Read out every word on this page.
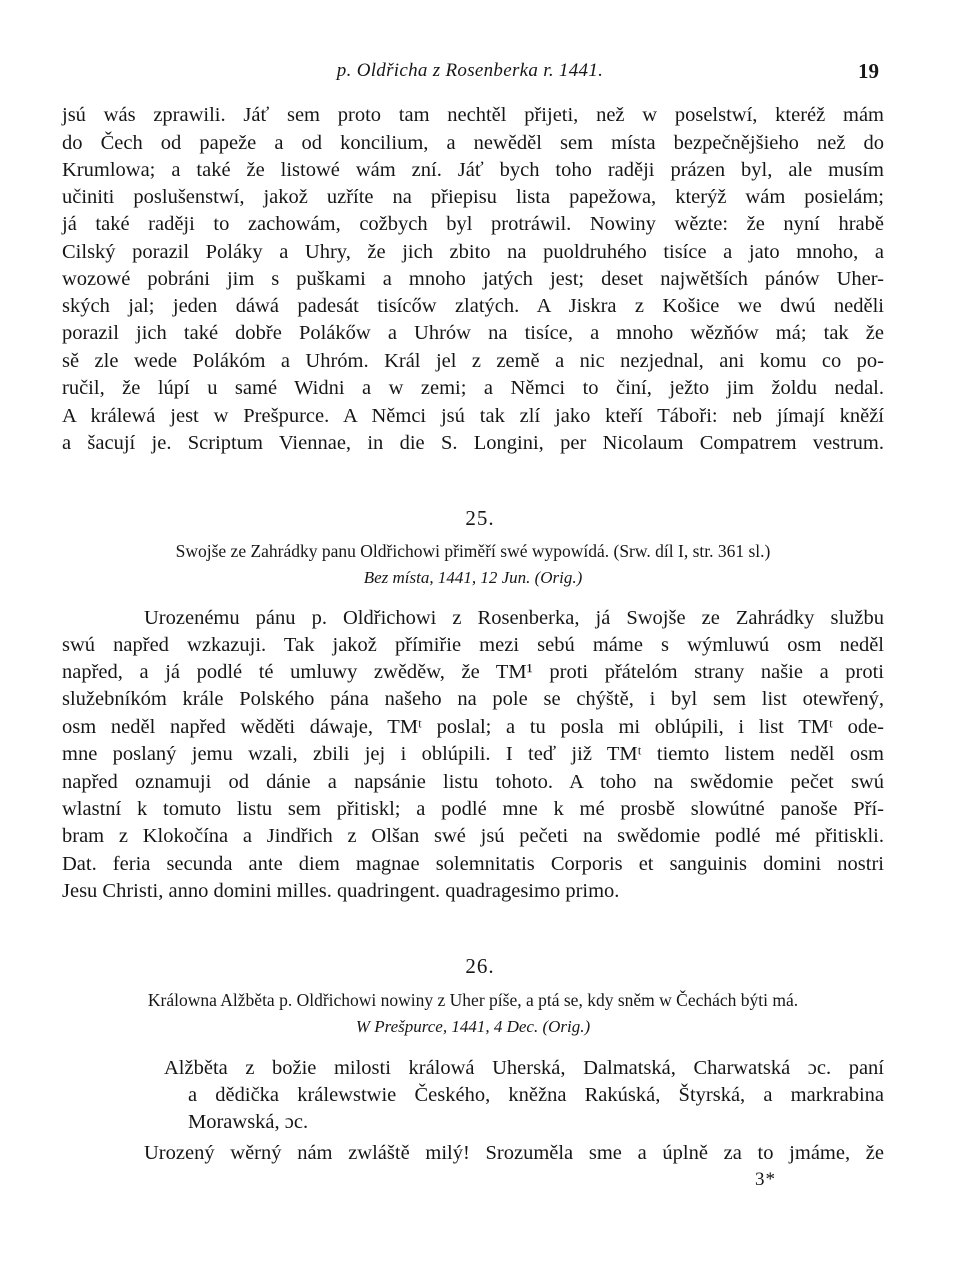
p. Oldřicha z Rosenberka r. 1441.	19
jsú wás zprawili. Jáť sem proto tam nechtěl přijeti, než w poselstwí, kteréž mám
do Čech od papeže a od koncilium, a newěděl sem místa bezpečnějšieho než do
Krumlowa; a také že listowé wám zní. Jáť bych toho raději prázen byl, ale musím
učiniti poslušenstwí, jakož uzříte na přiepisu lista papežowa, kterýž wám posielám;
já také raději to zachowám, cožbych byl protráwil. Nowiny wězte: že nyní hrabě
Cilský porazil Poláky a Uhry, že jich zbito na puoldruhého tisíce a jato mnoho, a
wozowé pobráni jim s puškami a mnoho jatých jest; deset najwětších pánów Uher-
ských jal; jeden dáwá padesát tisícőw zlatých. A Jiskra z Košice we dwú neděli
porazil jich také dobře Polákőw a Uhrów na tisíce, a mnoho wězňów má; tak že
sě zle wede Polákóm a Uhróm. Král jel z země a nic nezjednal, ani komu co po-
ručil, že lúpí u samé Widni a w zemi; a Němci to činí, ježto jim žoldu nedal.
A králewá jest w Prešpurce. A Němci jsú tak zlí jako kteří Táboři: neb jímají kněží
a šacují je. Scriptum Viennae, in die S. Longini, per Nicolaum Compatrem vestrum.
25.
Swojše ze Zahrádky panu Oldřichowi přiměří swé wypowídá. (Srw. díl I, str. 361 sl.)
Bez místa, 1441, 12 Jun. (Orig.)
Urozenému pánu p. Oldřichowi z Rosenberka, já Swojše ze Zahrádky službu
swú napřed wzkazuji. Tak jakož přímiřie mezi sebú máme s wýmluwú osm neděl
napřed, a já podlé té umluwy zwěděw, že TM¹ proti přátelóm strany našie a proti
služebníkóm krále Polského pána našeho na pole se chýště, i byl sem list otewřený,
osm neděl napřed wěděti dáwaje, TMᵗ poslal; a tu posla mi oblúpili, i list TMᵗ ode-
mne poslaný jemu wzali, zbili jej i oblúpili. I teď již TMᵗ tiemto listem neděl osm
napřed oznamuji od dánie a napsánie listu tohoto. A toho na swědomie pečet swú
wlastní k tomuto listu sem přitiskl; a podlé mne k mé prosbě slowútné panoše Pří-
bram z Klokočína a Jindřich z Olšan swé jsú pečeti na swědomie podlé mé přitiskli.
Dat. feria secunda ante diem magnae solemnitatis Corporis et sanguinis domini nostri
Jesu Christi, anno domini milles. quadringent. quadragesimo primo.
26.
Králowna Alžběta p. Oldřichowi nowiny z Uher píše, a ptá se, kdy sněm w Čechách býti má.
W Prešpurce, 1441, 4 Dec. (Orig.)
Alžběta z božie milosti králowá Uherská, Dalmatská, Charwatská ɔc. paní
a dědička králewstwie Českého, kněžna Rakúská, Štyrská, a markrabina
Morawská, ɔc.
Urozený wěrný nám zwláště milý! Srozuměla sme a úplně za to jmáme, že
3*
